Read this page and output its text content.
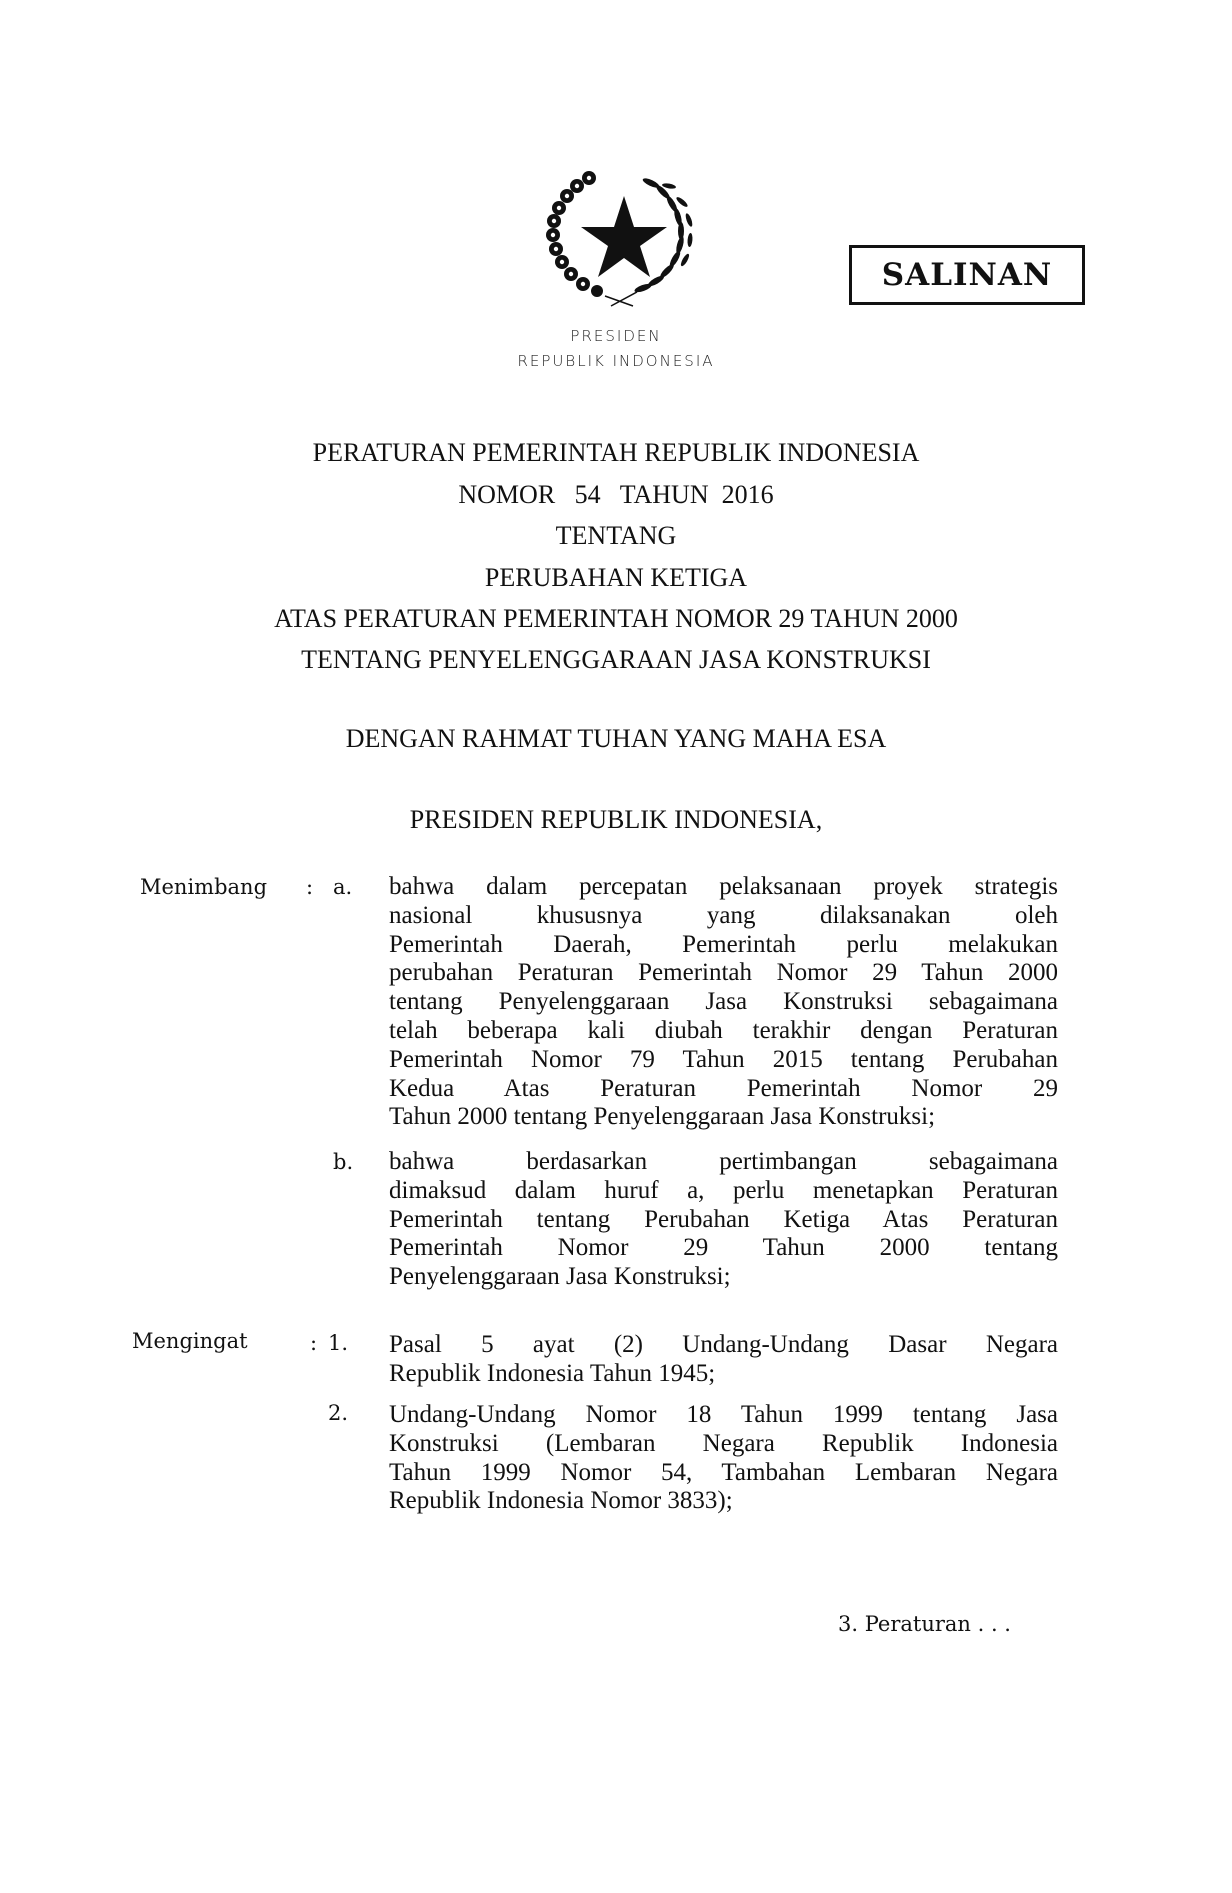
PRESIDEN
REPUBLIK INDONESIA
SALINAN
PERATURAN PEMERINTAH REPUBLIK INDONESIA
NOMOR   54   TAHUN  2016
TENTANG
PERUBAHAN KETIGA
ATAS PERATURAN PEMERINTAH NOMOR 29 TAHUN 2000
TENTANG PENYELENGGARAAN JASA KONSTRUKSI
DENGAN RAHMAT TUHAN YANG MAHA ESA
PRESIDEN REPUBLIK INDONESIA,
Menimbang : a. bahwa dalam percepatan pelaksanaan proyek strategis
nasional khususnya yang dilaksanakan oleh
Pemerintah Daerah, Pemerintah perlu melakukan
perubahan Peraturan Pemerintah Nomor 29 Tahun 2000
tentang Penyelenggaraan Jasa Konstruksi sebagaimana
telah beberapa kali diubah terakhir dengan Peraturan
Pemerintah Nomor 79 Tahun 2015 tentang Perubahan
Kedua Atas Peraturan Pemerintah Nomor 29
Tahun 2000 tentang Penyelenggaraan Jasa Konstruksi;
b. bahwa berdasarkan pertimbangan sebagaimana
dimaksud dalam huruf a, perlu menetapkan Peraturan
Pemerintah tentang Perubahan Ketiga Atas Peraturan
Pemerintah Nomor 29 Tahun 2000 tentang
Penyelenggaraan Jasa Konstruksi;
Mengingat	: 1. Pasal 5 ayat (2) Undang-Undang Dasar Negara
Republik Indonesia Tahun 1945;
2. Undang-Undang Nomor 18 Tahun 1999 tentang Jasa
Konstruksi (Lembaran Negara Republik Indonesia
Tahun 1999 Nomor 54, Tambahan Lembaran Negara
Republik Indonesia Nomor 3833);
3. Peraturan . . .
